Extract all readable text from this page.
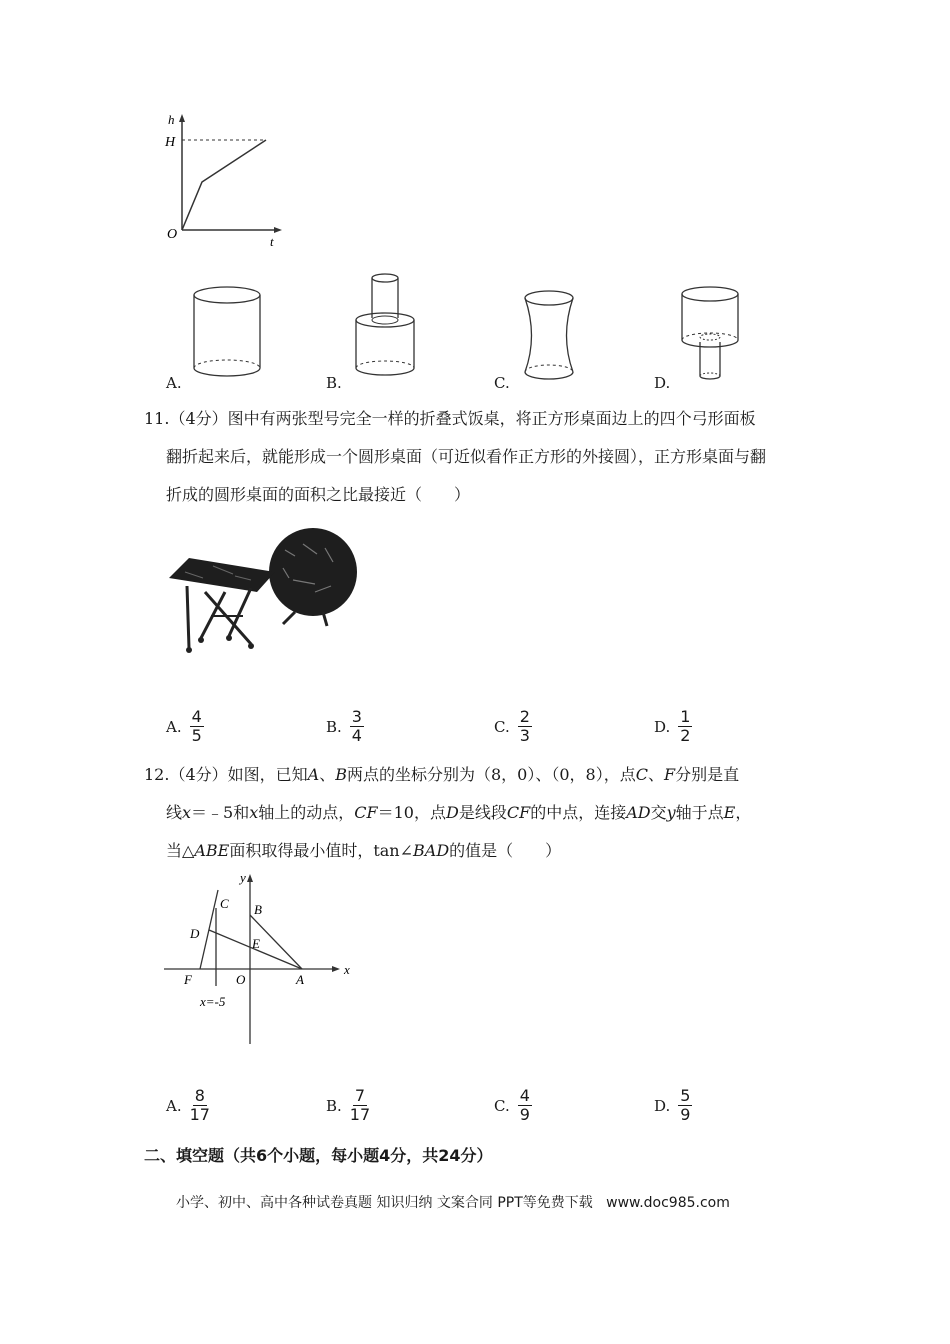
h
H
O	t
A.	B.	C.	D.
11.（4分）图中有两张型号完全一样的折叠式饭桌，将正方形桌面边上的四个弓形面板
翻折起来后，就能形成一个圆形桌面（可近似看作正方形的外接圆），正方形桌面与翻
折成的圆形桌面的面积之比最接近（　　）
A. $\frac{4}{5}$	B. $\frac{3}{4}$	C. $\frac{2}{3}$	D. $\frac{1}{2}$
12.（4分）如图，已知A、B两点的坐标分别为（8，0）、（0，8），点C、F分别是直
线x＝﹣5和x轴上的动点，CF＝10，点D是线段CF的中点，连接AD交y轴于点E，
当△ABE面积取得最小值时，tan∠BAD的值是（　　）
y
x
C B
D
E
F	O	A
x=-5
A. $\frac{8}{17}$	B. $\frac{7}{17}$	C. $\frac{4}{9}$	D. $\frac{5}{9}$
二、填空题（共6个小题，每小题4分，共24分）
小学、初中、高中各种试卷真题 知识归纳 文案合同 PPT等免费下载   www.doc985.com
